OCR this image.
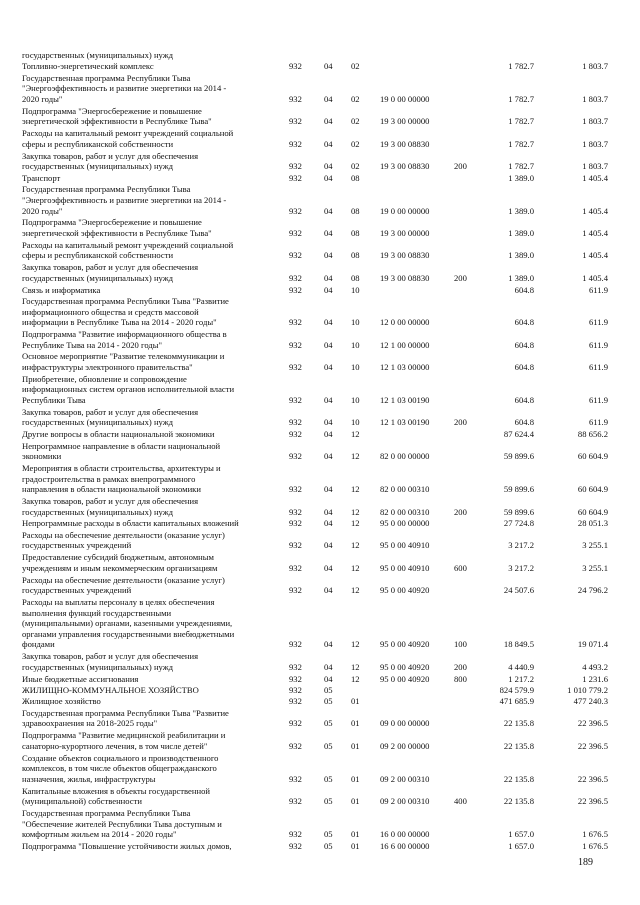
государственных (муниципальных) нужд
Топливно-энергетический комплекс	932	04 02	1 782.7	1 803.7
Государственная программа Республики Тыва
"Энергоэффективность и развитие энергетики на 2014 -
2020 годы"	932	04 02 19 0 00 00000	1 782.7	1 803.7
Подпрограмма "Энергосбережение и повышение
энергетической эффективности в Республике Тыва"	932	04 02 19 3 00 00000	1 782.7	1 803.7
Расходы на капитальный ремонт учреждений социальной
сферы и республиканской собственности	932	04 02 19 3 00 08830	1 782.7	1 803.7
Закупка товаров, работ и услуг для обеспечения
государственных (муниципальных) нужд	932	04 02 19 3 00 08830	200	1 782.7	1 803.7
Транспорт	932	04 08	1 389.0	1 405.4
Государственная программа Республики Тыва
"Энергоэффективность и развитие энергетики на 2014 -
2020 годы"	932	04 08 19 0 00 00000	1 389.0	1 405.4
Подпрограмма "Энергосбережение и повышение
энергетической эффективности в Республике Тыва"	932	04 08 19 3 00 00000	1 389.0	1 405.4
Расходы на капитальный ремонт учреждений социальной
сферы и республиканской собственности	932	04 08 19 3 00 08830	1 389.0	1 405.4
Закупка товаров, работ и услуг для обеспечения
государственных (муниципальных) нужд	932	04 08 19 3 00 08830	200	1 389.0	1 405.4
Связь и информатика	932	04 10	604.8	611.9
Государственная программа Республики Тыва "Развитие
информационного общества и средств массовой
информации в Республике Тыва на 2014 - 2020 годы"	932	04 10 12 0 00 00000	604.8	611.9
Подпрограмма "Развитие информационного общества в
Республике Тыва на 2014 - 2020 годы"	932	04 10 12 1 00 00000	604.8	611.9
Основное мероприятие "Развитие телекоммуникации и
инфраструктуры электронного правительства"	932	04 10 12 1 03 00000	604.8	611.9
Приобретение, обновление и сопровождение
информационных систем органов исполнительной власти
Республики Тыва	932	04 10 12 1 03 00190	604.8	611.9
Закупка товаров, работ и услуг для обеспечения
государственных (муниципальных) нужд	932	04 10 12 1 03 00190	200	604.8	611.9
Другие вопросы в области национальной экономики	932	04 12	87 624.4	88 656.2
Непрограммное направление в области национальной
экономики	932	04 12 82 0 00 00000	59 899.6	60 604.9
Мероприятия в области строительства, архитектуры и
градостроительства в рамках внепрограммного
направления в области национальной экономики	932	04 12 82 0 00 00310	59 899.6	60 604.9
Закупка товаров, работ и услуг для обеспечения
государственных (муниципальных) нужд	932	04 12 82 0 00 00310	200	59 899.6	60 604.9
Непрограммные расходы в области капитальных вложений	932	04 12 95 0 00 00000	27 724.8	28 051.3
Расходы на обеспечение деятельности (оказание услуг)
государственных учреждений	932	04 12 95 0 00 40910	3 217.2	3 255.1
Предоставление субсидий бюджетным, автономным
учреждениям и иным некоммерческим организациям	932	04 12 95 0 00 40910	600	3 217.2	3 255.1
Расходы на обеспечение деятельности (оказание услуг)
государственных учреждений	932	04 12 95 0 00 40920	24 507.6	24 796.2
Расходы на выплаты персоналу в целях обеспечения
выполнения функций государственными
(муниципальными) органами, казенными учреждениями,
органами управления государственными внебюджетными
фондами	932	04 12 95 0 00 40920	100	18 849.5	19 071.4
Закупка товаров, работ и услуг для обеспечения
государственных (муниципальных) нужд	932	04 12 95 0 00 40920	200	4 440.9	4 493.2
Иные бюджетные ассигнования	932	04 12 95 0 00 40920	800	1 217.2	1 231.6
ЖИЛИЩНО-КОММУНАЛЬНОЕ ХОЗЯЙСТВО	932	05	824 579.9	1 010 779.2
Жилищное хозяйство	932	05 01	471 685.9	477 240.3
Государственная программа Республики Тыва "Развитие
здравоохранения на 2018-2025 годы"	932	05 01 09 0 00 00000	22 135.8	22 396.5
Подпрограмма "Развитие медицинской реабилитации и
санаторно-курортного лечения, в том числе детей"	932	05 01 09 2 00 00000	22 135.8	22 396.5
Создание объектов социального и производственного
комплексов, в том числе объектов общегражданского
назначения, жилья, инфраструктуры	932	05 01 09 2 00 00310	22 135.8	22 396.5
Капитальные вложения в объекты государственной
(муниципальной) собственности	932	05 01 09 2 00 00310	400	22 135.8	22 396.5
Государственная программа Республики Тыва
"Обеспечение жителей Республики Тыва доступным и
комфортным жильем на 2014 - 2020 годы"	932	05 01 16 0 00 00000	1 657.0	1 676.5
Подпрограмма "Повышение устойчивости жилых домов,	932	05 01 16 6 00 00000	1 657.0	1 676.5
189
